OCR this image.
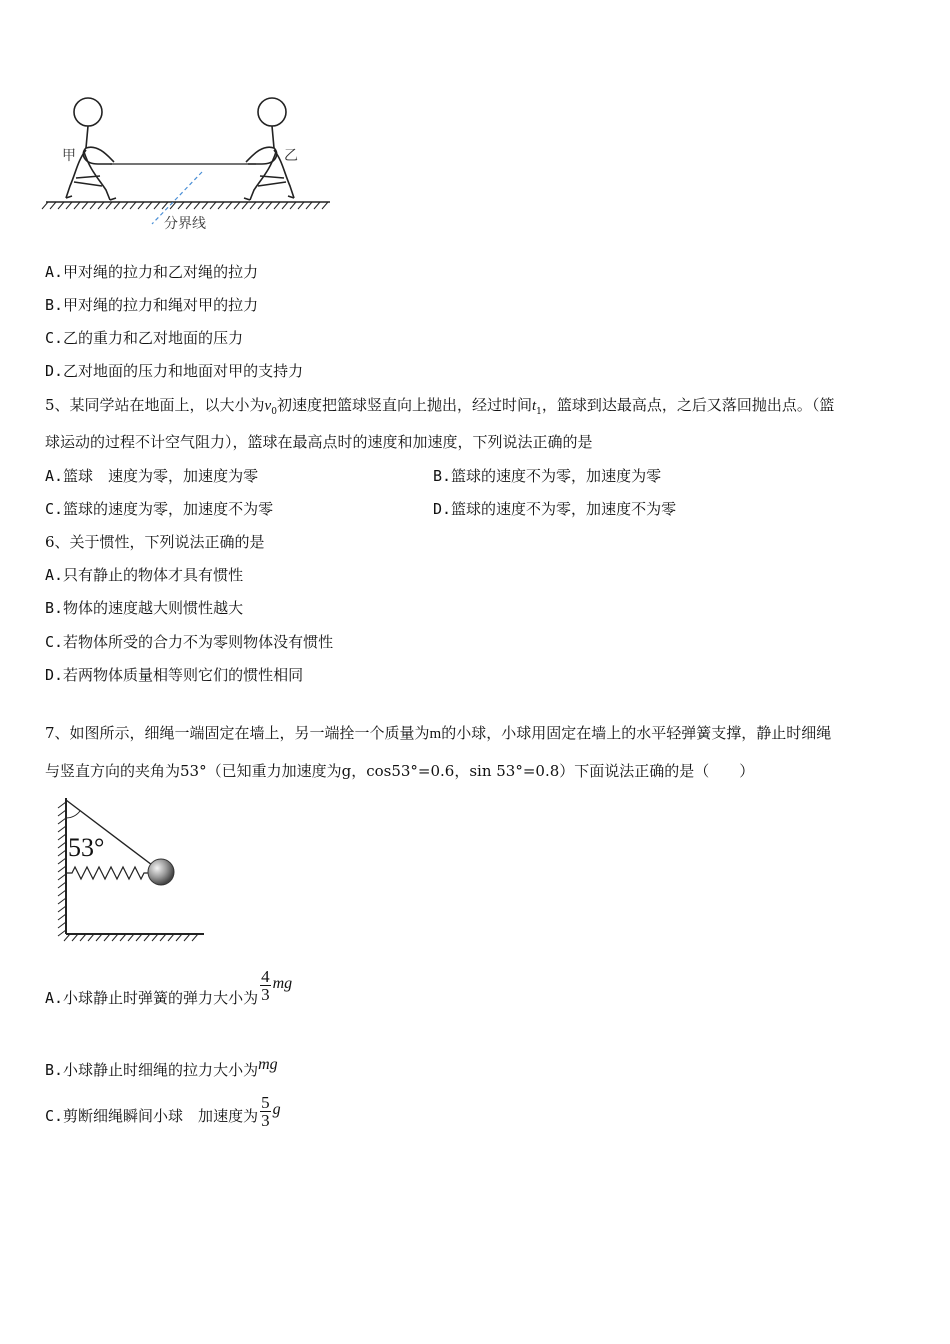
甲	乙
分界线
A.甲对绳的拉力和乙对绳的拉力
B.甲对绳的拉力和绳对甲的拉力
C.乙的重力和乙对地面的压力
D.乙对地面的压力和地面对甲的支持力
5、某同学站在地面上，以大小为$v_0$初速度把篮球竖直向上抛出，经过时间$t_1$，篮球到达最高点，之后又落回抛出点。（篮
球运动的过程不计空气阻力），篮球在最高点时的速度和加速度，下列说法正确的是
A.篮球　速度为零，加速度为零	B.篮球的速度不为零，加速度为零
C.篮球的速度为零，加速度不为零	D.篮球的速度不为零，加速度不为零
6、关于惯性，下列说法正确的是
A.只有静止的物体才具有惯性
B.物体的速度越大则惯性越大
C.若物体所受的合力不为零则物体没有惯性
D.若两物体质量相等则它们的惯性相同
7、如图所示，细绳一端固定在墙上，另一端拴一个质量为m的小球，小球用固定在墙上的水平轻弹簧支撑，静止时细绳
与竖直方向的夹角为53°（已知重力加速度为g，cos53°=0.6，sin 53°=0.8）下面说法正确的是（　　）
53°
A.小球静止时弹簧的弹力大小为 $\frac{4}{3}$ mg
B.小球静止时细绳的拉力大小为mg
C.剪断细绳瞬间小球　加速度为 $\frac{5}{3}$ g
